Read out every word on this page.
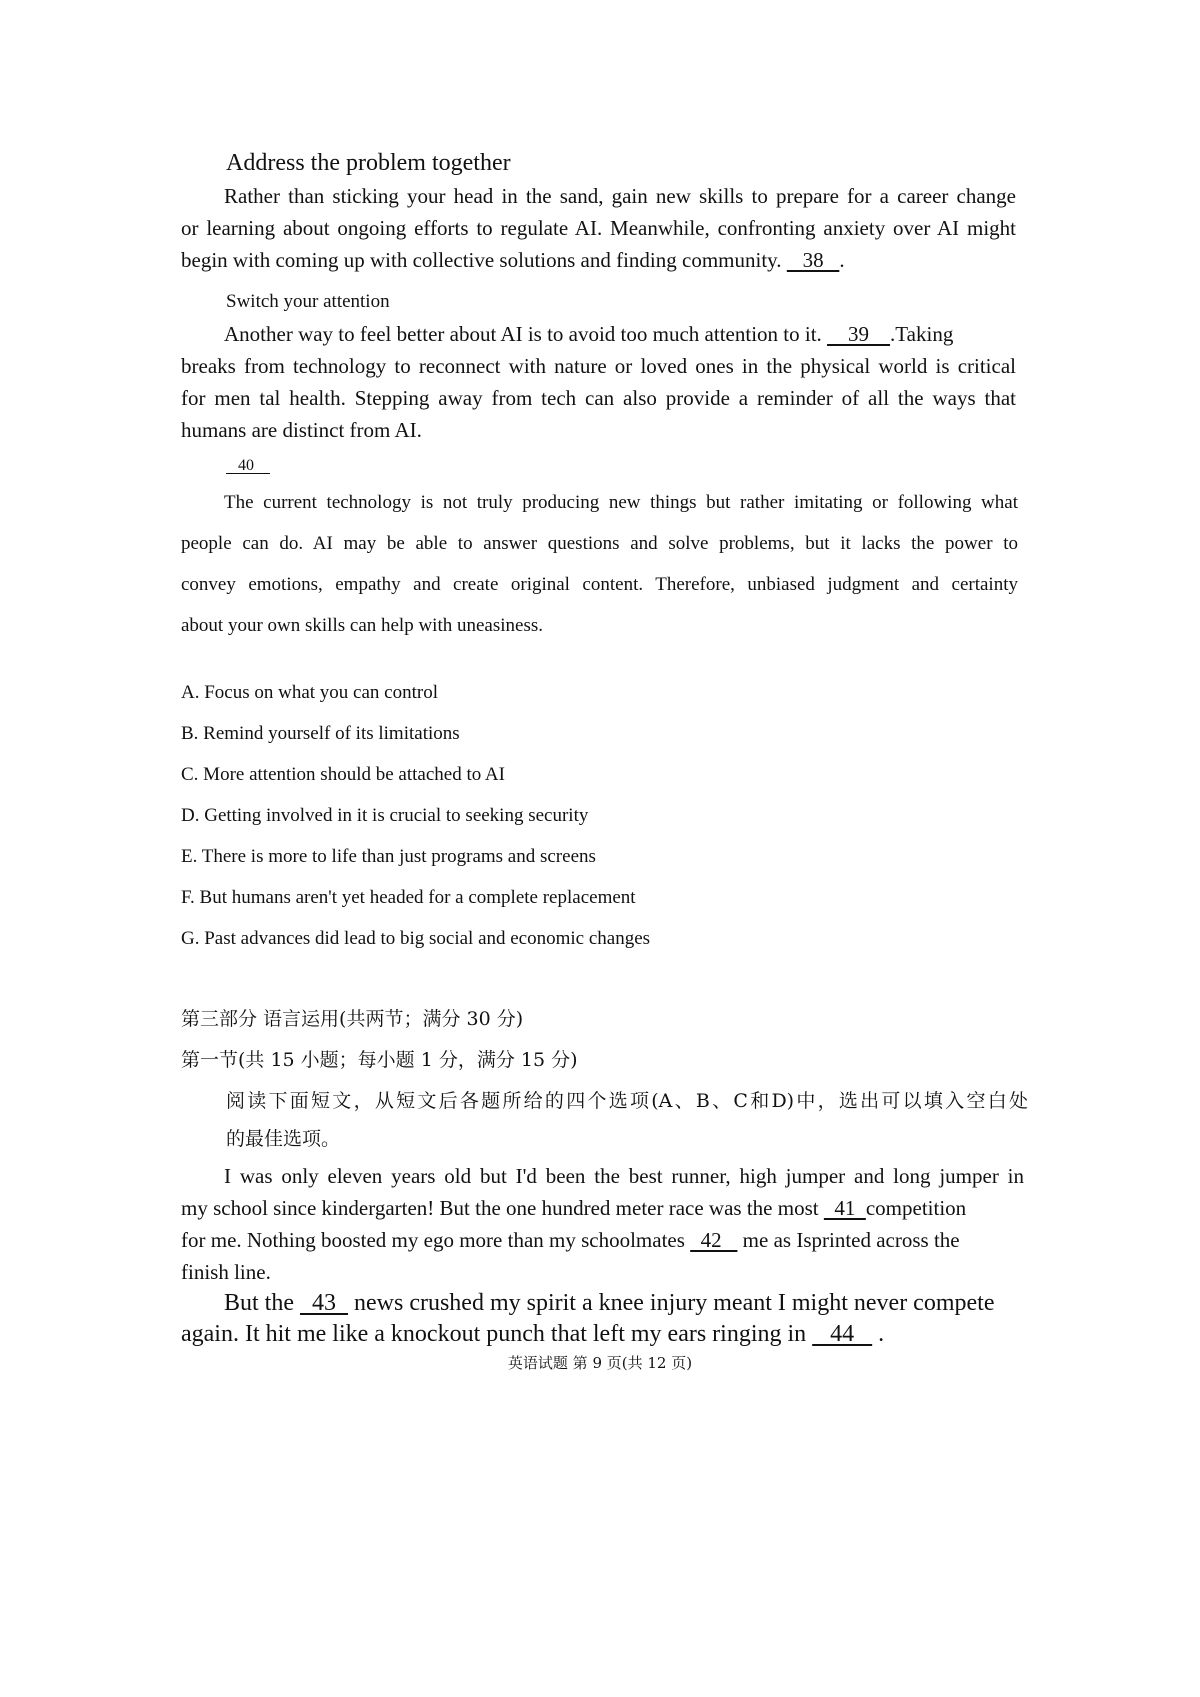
Address the problem together
Rather than sticking your head in the sand, gain new skills to prepare for a career change
or learning about ongoing efforts to regulate AI. Meanwhile, confronting anxiety over AI might
begin with coming up with collective solutions and finding community.    38   .
Switch your attention
Another way to feel better about AI is to avoid too much attention to it.     39    .Taking
breaks from technology to reconnect with nature or loved ones in the physical world is critical
for men tal health. Stepping away from tech can also provide a reminder of all the ways that
humans are distinct from AI.
40
The current technology is not truly producing new things but rather imitating or following what
people can do. AI may be able to answer questions and solve problems, but it lacks the power to
convey emotions, empathy and create original content. Therefore, unbiased judgment and certainty
about your own skills can help with uneasiness.
A. Focus on what you can control
B. Remind yourself of its limitations
C. More attention should be attached to AI
D. Getting involved in it is crucial to seeking security
E. There is more to life than just programs and screens
F. But humans aren't yet headed for a complete replacement
G. Past advances did lead to big social and economic changes
第三部分 语言运用(共两节；满分 30 分)
第一节(共 15 小题；每小题 1 分，满分 15 分)
阅读下面短文，从短文后各题所给的四个选项(A、B、C和D)中，选出可以填入空白处
的最佳选项。
I was only eleven years old but I'd been the best runner, high jumper and long jumper in
my school since kindergarten! But the one hundred meter race was the most   41  competition
for me. Nothing boosted my ego more than my schoolmates   42    me as Isprinted across the
finish line.
But the   43   news crushed my spirit a knee injury meant I might never compete
again. It hit me like a knockout punch that left my ears ringing in    44    .
英语试题 第 9 页(共 12 页)
